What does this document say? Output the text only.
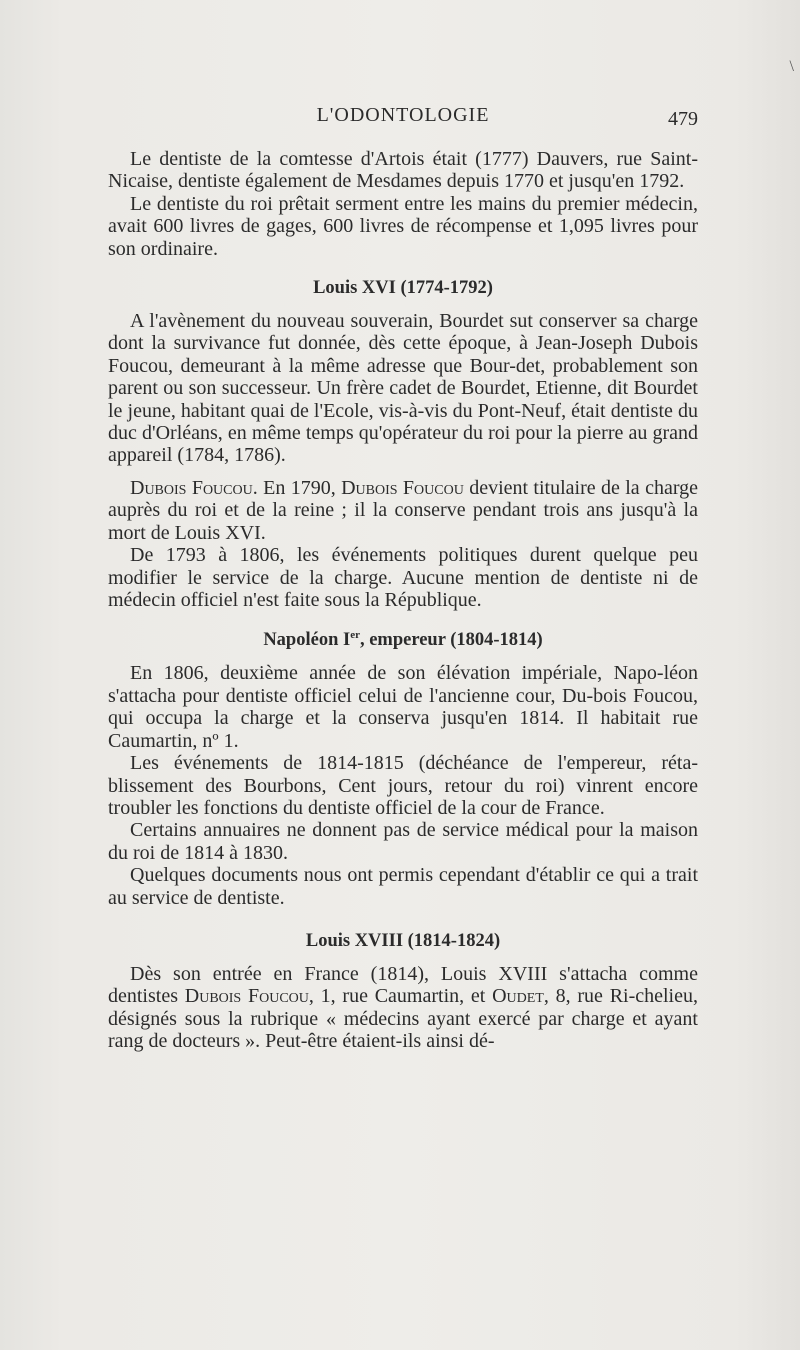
\
L'ODONTOLOGIE	479

Le dentiste de la comtesse d'Artois était (1777) Dauvers, rue Saint-Nicaise, dentiste également de Mesdames depuis 1770 et jusqu'en 1792.

Le dentiste du roi prêtait serment entre les mains du premier médecin, avait 600 livres de gages, 600 livres de récompense et 1,095 livres pour son ordinaire.

Louis XVI (1774-1792)

A l'avènement du nouveau souverain, Bourdet sut conserver sa charge dont la survivance fut donnée, dès cette époque, à Jean-Joseph Dubois Foucou, demeurant à la même adresse que Bour-det, probablement son parent ou son successeur. Un frère cadet de Bourdet, Etienne, dit Bourdet le jeune, habitant quai de l'Ecole, vis-à-vis du Pont-Neuf, était dentiste du duc d'Orléans, en même temps qu'opérateur du roi pour la pierre au grand appareil (1784, 1786).

Dubois Foucou. En 1790, Dubois Foucou devient titulaire de la charge auprès du roi et de la reine ; il la conserve pendant trois ans jusqu'à la mort de Louis XVI.

De 1793 à 1806, les événements politiques durent quelque peu modifier le service de la charge. Aucune mention de dentiste ni de médecin officiel n'est faite sous la République.

Napoléon Ier, empereur (1804-1814)

En 1806, deuxième année de son élévation impériale, Napo-léon s'attacha pour dentiste officiel celui de l'ancienne cour, Du-bois Foucou, qui occupa la charge et la conserva jusqu'en 1814. Il habitait rue Caumartin, nº 1.

Les événements de 1814-1815 (déchéance de l'empereur, réta-blissement des Bourbons, Cent jours, retour du roi) vinrent encore troubler les fonctions du dentiste officiel de la cour de France.

Certains annuaires ne donnent pas de service médical pour la maison du roi de 1814 à 1830.

Quelques documents nous ont permis cependant d'établir ce qui a trait au service de dentiste.

Louis XVIII (1814-1824)

Dès son entrée en France (1814), Louis XVIII s'attacha comme dentistes Dubois Foucou, 1, rue Caumartin, et Oudet, 8, rue Ri-chelieu, désignés sous la rubrique « médecins ayant exercé par charge et ayant rang de docteurs ». Peut-être étaient-ils ainsi dé-
